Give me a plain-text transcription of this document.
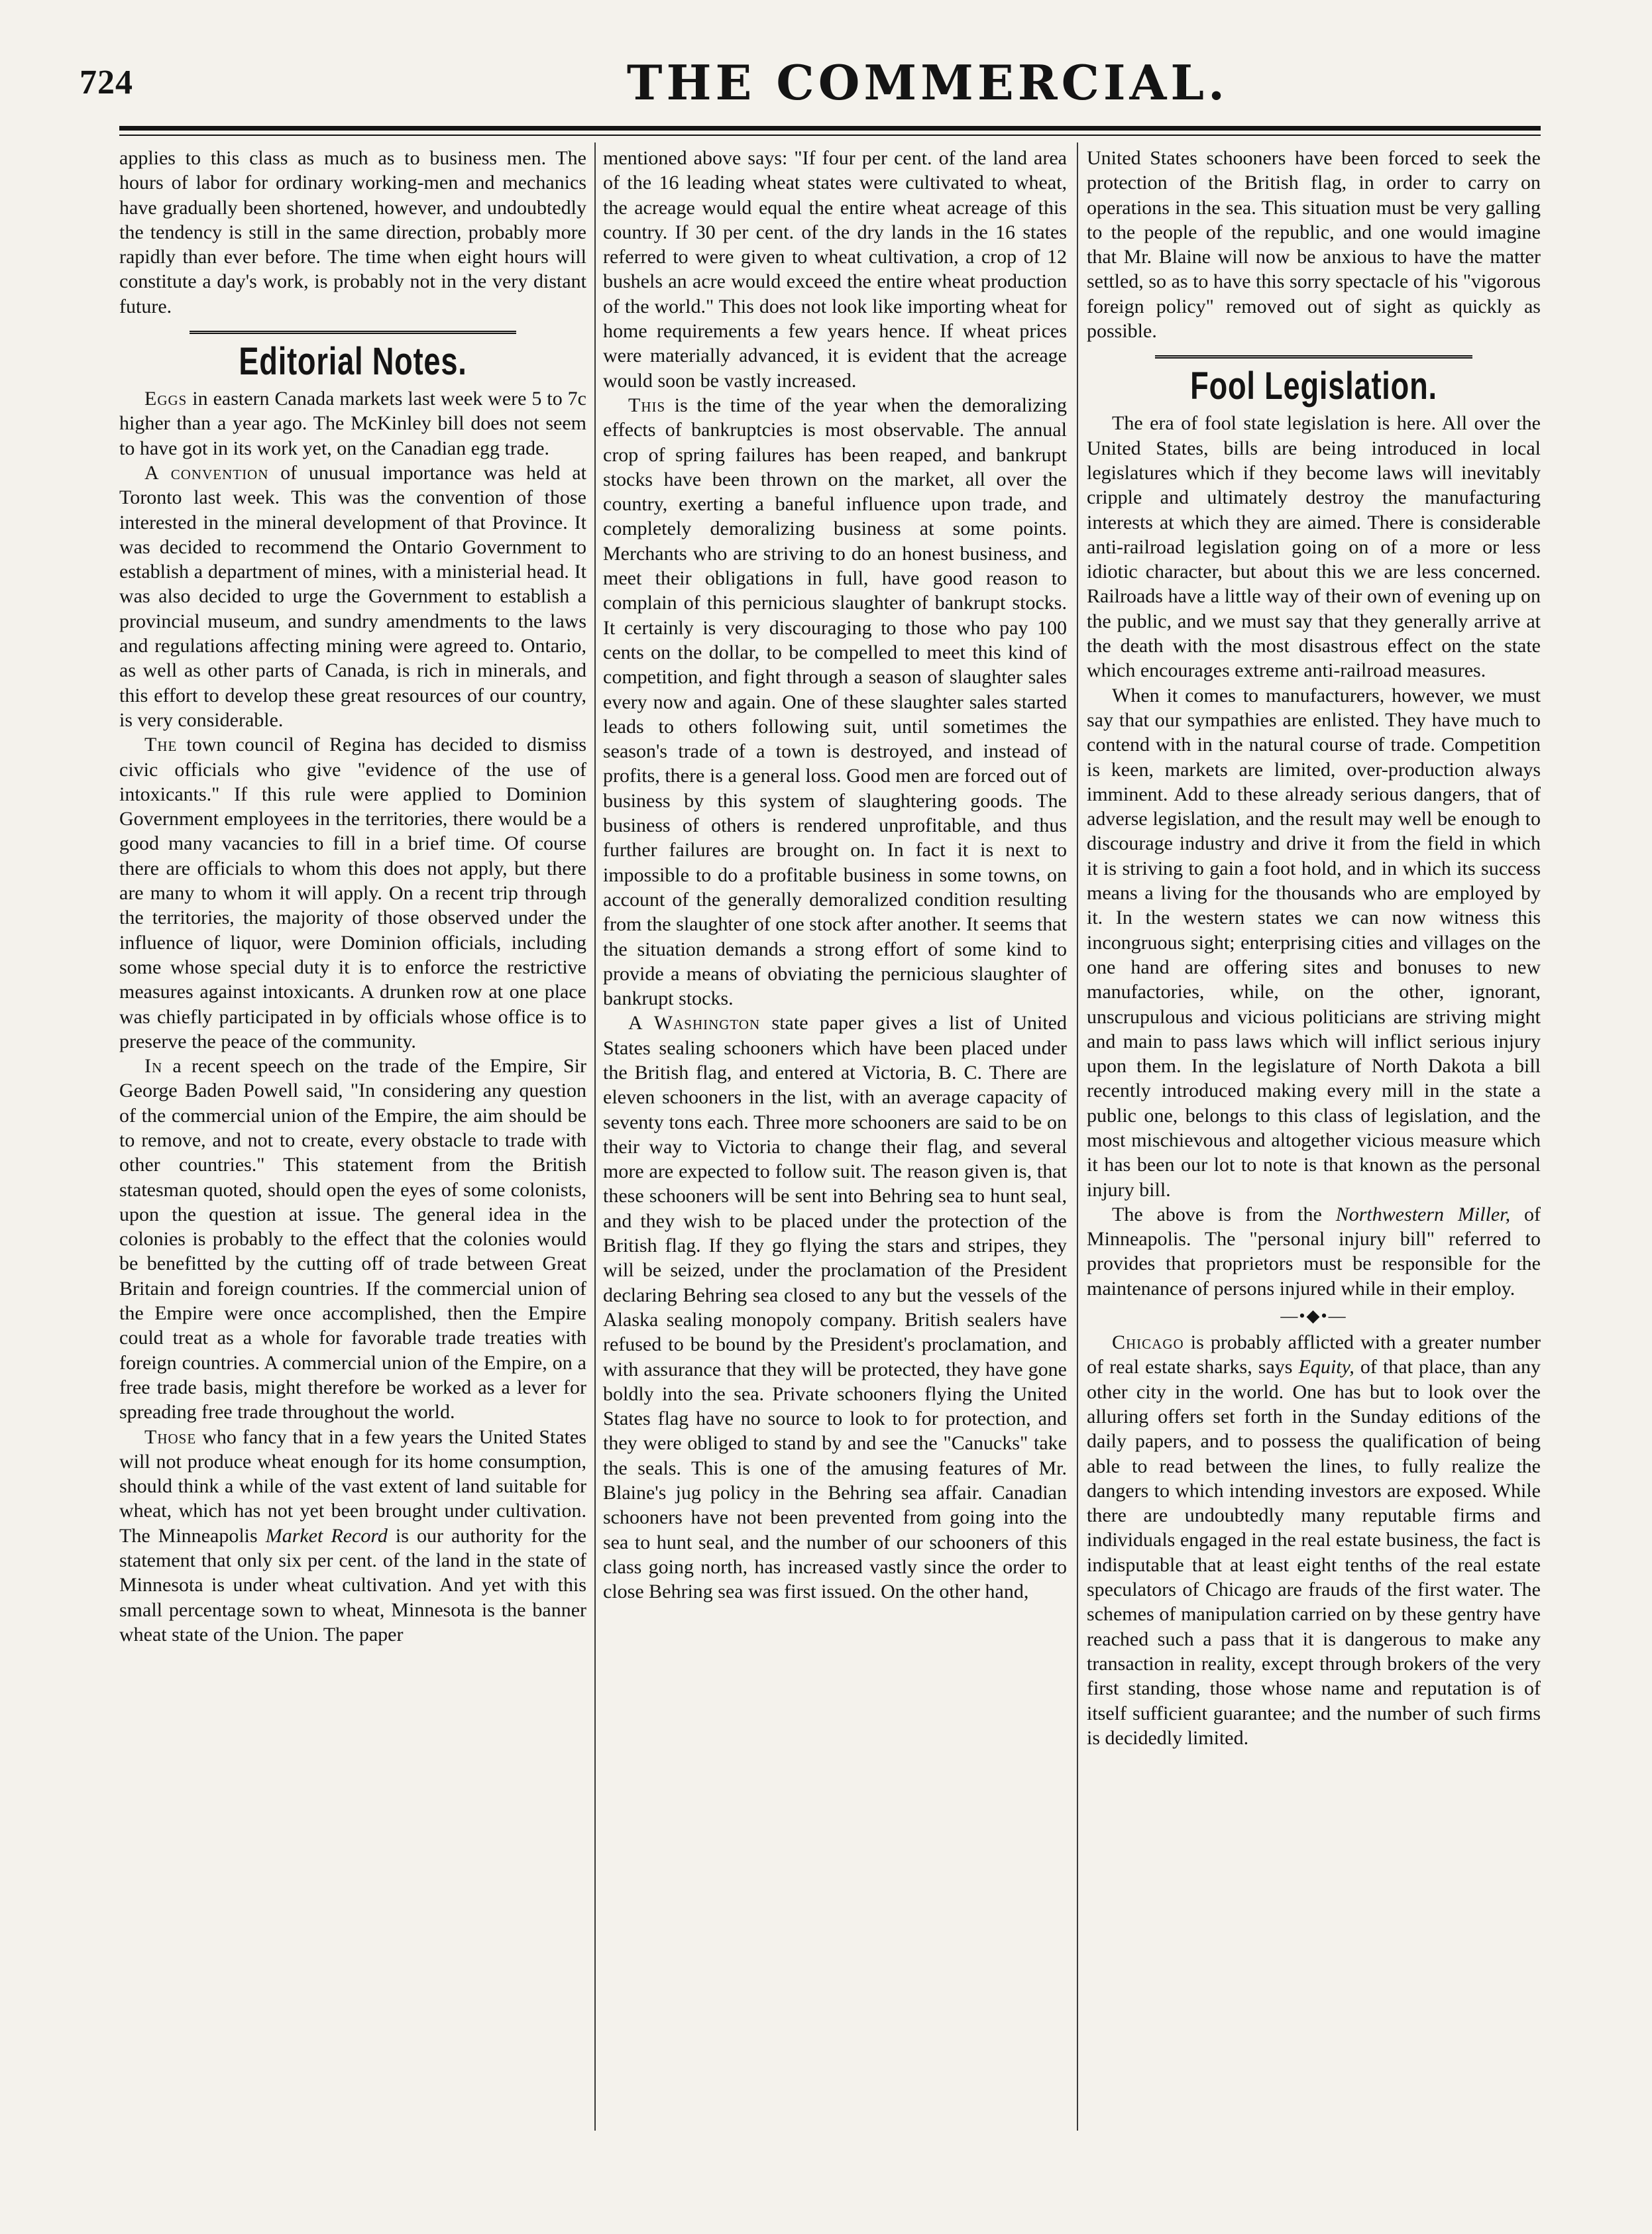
724	THE COMMERCIAL.

applies to this class as much as to business men. The hours of labor for ordinary working-men and mechanics have gradually been shortened, however, and undoubtedly the tendency is still in the same direction, probably more rapidly than ever before. The time when eight hours will constitute a day's work, is probably not in the very distant future.

Editorial Notes.

Eggs in eastern Canada markets last week were 5 to 7c higher than a year ago. The McKinley bill does not seem to have got in its work yet, on the Canadian egg trade.

A convention of unusual importance was held at Toronto last week. This was the convention of those interested in the mineral development of that Province. It was decided to recommend the Ontario Government to establish a department of mines, with a ministerial head. It was also decided to urge the Government to establish a provincial museum, and sundry amendments to the laws and regulations affecting mining were agreed to. Ontario, as well as other parts of Canada, is rich in minerals, and this effort to develop these great resources of our country, is very considerable.

The town council of Regina has decided to dismiss civic officials who give "evidence of the use of intoxicants." If this rule were applied to Dominion Government employees in the territories, there would be a good many vacancies to fill in a brief time. Of course there are officials to whom this does not apply, but there are many to whom it will apply. On a recent trip through the territories, the majority of those observed under the influence of liquor, were Dominion officials, including some whose special duty it is to enforce the restrictive measures against intoxicants. A drunken row at one place was chiefly participated in by officials whose office is to preserve the peace of the community.

In a recent speech on the trade of the Empire, Sir George Baden Powell said, "In considering any question of the commercial union of the Empire, the aim should be to remove, and not to create, every obstacle to trade with other countries." This statement from the British statesman quoted, should open the eyes of some colonists, upon the question at issue. The general idea in the colonies is probably to the effect that the colonies would be benefitted by the cutting off of trade between Great Britain and foreign countries. If the commercial union of the Empire were once accomplished, then the Empire could treat as a whole for favorable trade treaties with foreign countries. A commercial union of the Empire, on a free trade basis, might therefore be worked as a lever for spreading free trade throughout the world.

Those who fancy that in a few years the United States will not produce wheat enough for its home consumption, should think a while of the vast extent of land suitable for wheat, which has not yet been brought under cultivation. The Minneapolis Market Record is our authority for the statement that only six per cent. of the land in the state of Minnesota is under wheat cultivation. And yet with this small percentage sown to wheat, Minnesota is the banner wheat state of the Union. The paper

mentioned above says: "If four per cent. of the land area of the 16 leading wheat states were cultivated to wheat, the acreage would equal the entire wheat acreage of this country. If 30 per cent. of the dry lands in the 16 states referred to were given to wheat cultivation, a crop of 12 bushels an acre would exceed the entire wheat production of the world." This does not look like importing wheat for home requirements a few years hence. If wheat prices were materially advanced, it is evident that the acreage would soon be vastly increased.

This is the time of the year when the demoralizing effects of bankruptcies is most observable. The annual crop of spring failures has been reaped, and bankrupt stocks have been thrown on the market, all over the country, exerting a baneful influence upon trade, and completely demoralizing business at some points. Merchants who are striving to do an honest business, and meet their obligations in full, have good reason to complain of this pernicious slaughter of bankrupt stocks. It certainly is very discouraging to those who pay 100 cents on the dollar, to be compelled to meet this kind of competition, and fight through a season of slaughter sales every now and again. One of these slaughter sales started leads to others following suit, until sometimes the season's trade of a town is destroyed, and instead of profits, there is a general loss. Good men are forced out of business by this system of slaughtering goods. The business of others is rendered unprofitable, and thus further failures are brought on. In fact it is next to impossible to do a profitable business in some towns, on account of the generally demoralized condition resulting from the slaughter of one stock after another. It seems that the situation demands a strong effort of some kind to provide a means of obviating the pernicious slaughter of bankrupt stocks.

A Washington state paper gives a list of United States sealing schooners which have been placed under the British flag, and entered at Victoria, B. C. There are eleven schooners in the list, with an average capacity of seventy tons each. Three more schooners are said to be on their way to Victoria to change their flag, and several more are expected to follow suit. The reason given is, that these schooners will be sent into Behring sea to hunt seal, and they wish to be placed under the protection of the British flag. If they go flying the stars and stripes, they will be seized, under the proclamation of the President declaring Behring sea closed to any but the vessels of the Alaska sealing monopoly company. British sealers have refused to be bound by the President's proclamation, and with assurance that they will be protected, they have gone boldly into the sea. Private schooners flying the United States flag have no source to look to for protection, and they were obliged to stand by and see the "Canucks" take the seals. This is one of the amusing features of Mr. Blaine's jug policy in the Behring sea affair. Canadian schooners have not been prevented from going into the sea to hunt seal, and the number of our schooners of this class going north, has increased vastly since the order to close Behring sea was first issued. On the other hand,

United States schooners have been forced to seek the protection of the British flag, in order to carry on operations in the sea. This situation must be very galling to the people of the republic, and one would imagine that Mr. Blaine will now be anxious to have the matter settled, so as to have this sorry spectacle of his "vigorous foreign policy" removed out of sight as quickly as possible.

Fool Legislation.

The era of fool state legislation is here. All over the United States, bills are being introduced in local legislatures which if they become laws will inevitably cripple and ultimately destroy the manufacturing interests at which they are aimed. There is considerable anti-railroad legislation going on of a more or less idiotic character, but about this we are less concerned. Railroads have a little way of their own of evening up on the public, and we must say that they generally arrive at the death with the most disastrous effect on the state which encourages extreme anti-railroad measures.

When it comes to manufacturers, however, we must say that our sympathies are enlisted. They have much to contend with in the natural course of trade. Competition is keen, markets are limited, over-production always imminent. Add to these already serious dangers, that of adverse legislation, and the result may well be enough to discourage industry and drive it from the field in which it is striving to gain a foot hold, and in which its success means a living for the thousands who are employed by it. In the western states we can now witness this incongruous sight; enterprising cities and villages on the one hand are offering sites and bonuses to new manufactories, while, on the other, ignorant, unscrupulous and vicious politicians are striving might and main to pass laws which will inflict serious injury upon them. In the legislature of North Dakota a bill recently introduced making every mill in the state a public one, belongs to this class of legislation, and the most mischievous and altogether vicious measure which it has been our lot to note is that known as the personal injury bill.

The above is from the Northwestern Miller, of Minneapolis. The "personal injury bill" referred to provides that proprietors must be responsible for the maintenance of persons injured while in their employ.

—•◆•—

Chicago is probably afflicted with a greater number of real estate sharks, says Equity, of that place, than any other city in the world. One has but to look over the alluring offers set forth in the Sunday editions of the daily papers, and to possess the qualification of being able to read between the lines, to fully realize the dangers to which intending investors are exposed. While there are undoubtedly many reputable firms and individuals engaged in the real estate business, the fact is indisputable that at least eight tenths of the real estate speculators of Chicago are frauds of the first water. The schemes of manipulation carried on by these gentry have reached such a pass that it is dangerous to make any transaction in reality, except through brokers of the very first standing, those whose name and reputation is of itself sufficient guarantee; and the number of such firms is decidedly limited.
